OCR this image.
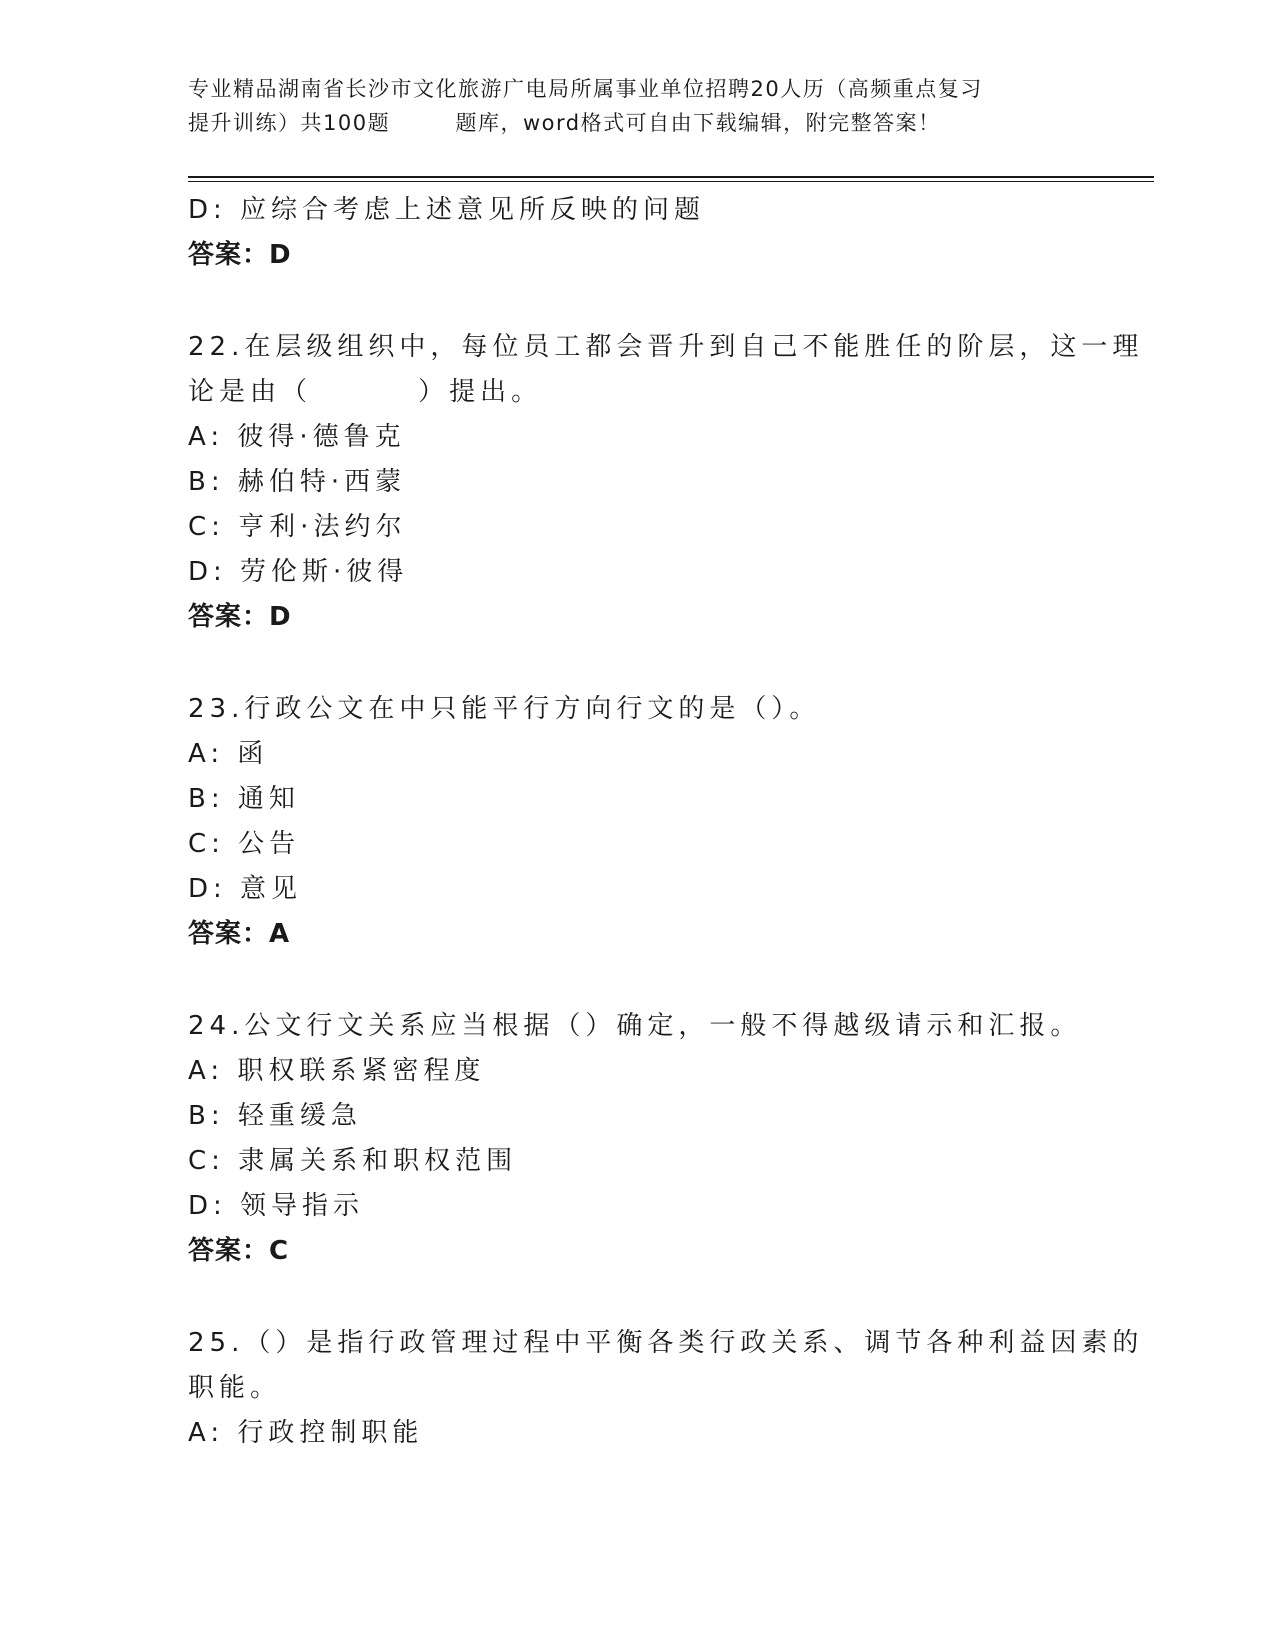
专业精品湖南省长沙市文化旅游广电局所属事业单位招聘20人历（高频重点复习
提升训练）共100题        题库，word格式可自由下载编辑，附完整答案！
D: 应综合考虑上述意见所反映的问题
答案：D
22.在层级组织中，每位员工都会晋升到自己不能胜任的阶层，这一理
论是由（        ）提出。
A: 彼得·德鲁克
B: 赫伯特·西蒙
C: 亨利·法约尔
D: 劳伦斯·彼得
答案：D
23.行政公文在中只能平行方向行文的是（）。
A: 函
B: 通知
C: 公告
D: 意见
答案：A
24.公文行文关系应当根据（）确定，一般不得越级请示和汇报。
A: 职权联系紧密程度
B: 轻重缓急
C: 隶属关系和职权范围
D: 领导指示
答案：C
25.（）是指行政管理过程中平衡各类行政关系、调节各种利益因素的
职能。
A: 行政控制职能
